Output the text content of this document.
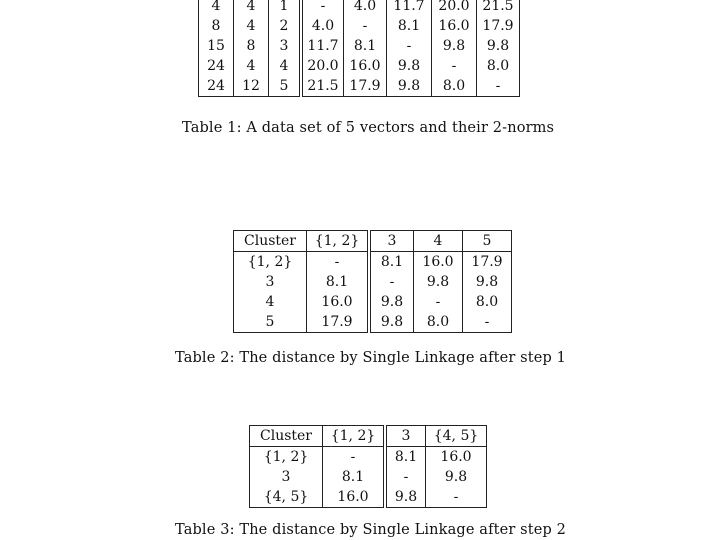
4	4	1	-	4.0	11.7	20.0	21.5
8	4	2	4.0	-	8.1	16.0	17.9
15	8	3	11.7	8.1	-	9.8	9.8
24	4	4	20.0	16.0	9.8	-	8.0
24	12	5	21.5	17.9	9.8	8.0	-
Table 1: A data set of 5 vectors and their 2-norms
Cluster	{1, 2}	3	4	5
{1, 2}	-	8.1	16.0	17.9
3	8.1	-	9.8	9.8
4	16.0	9.8	-	8.0
5	17.9	9.8	8.0	-
Table 2: The distance by Single Linkage after step 1
Cluster	{1, 2}	3	{4, 5}
{1, 2}	-	8.1	16.0
3	8.1	-	9.8
{4, 5}	16.0	9.8	-
Table 3: The distance by Single Linkage after step 2
